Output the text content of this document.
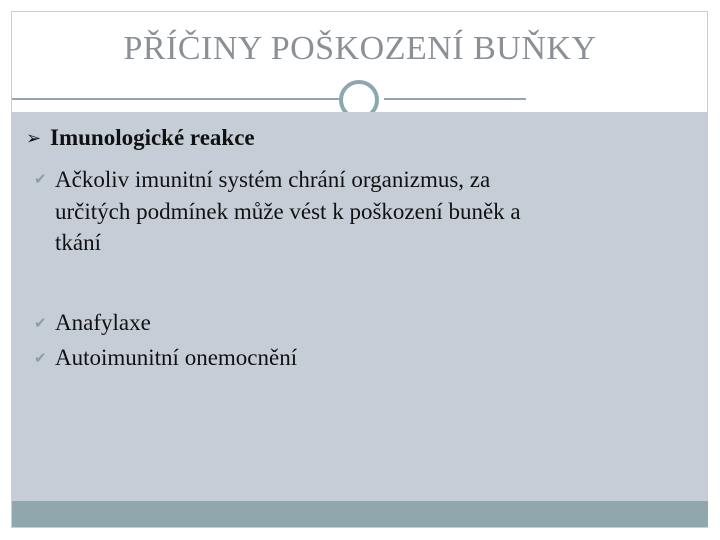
PŘÍČINY POŠKOZENÍ BUŇKY
➢ Imunologické reakce
✔ Ačkoliv imunitní systém chrání organizmus, za
určitých podmínek může vést k poškození buněk a
tkání
✔ Anafylaxe
✔ Autoimunitní onemocnění
